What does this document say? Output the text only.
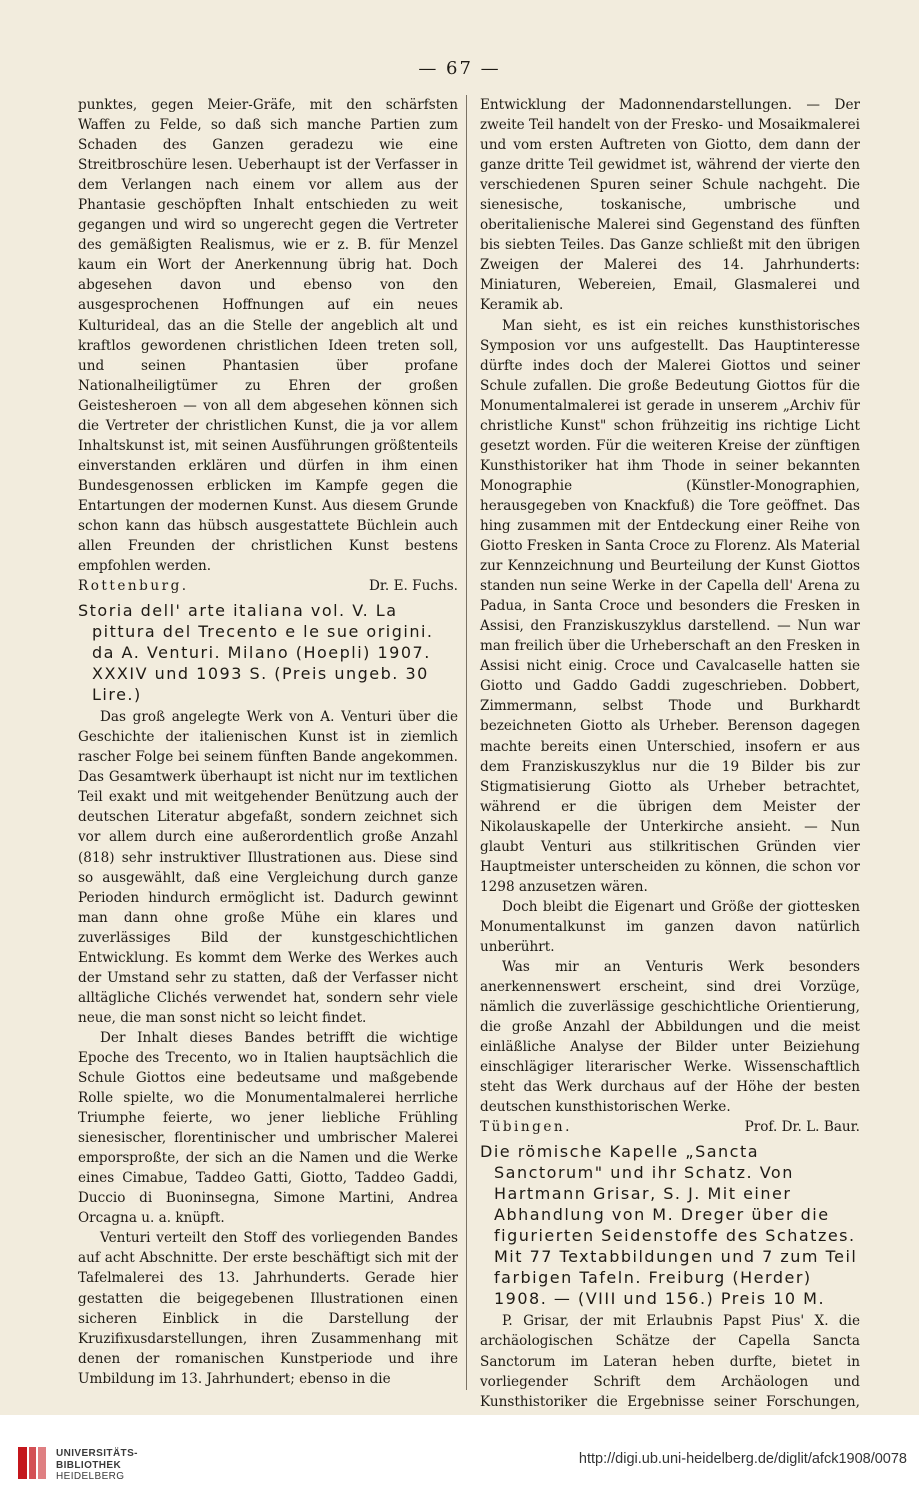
— 67 —

punktes, gegen Meier-Gräfe, mit den schärfsten Waffen zu Felde, so daß sich manche Partien zum Schaden des Ganzen geradezu wie eine Streitbroschüre lesen. Ueberhaupt ist der Verfasser in dem Verlangen nach einem vor allem aus der Phantasie geschöpften Inhalt entschieden zu weit gegangen und wird so ungerecht gegen die Vertreter des gemäßigten Realismus, wie er z. B. für Menzel kaum ein Wort der Anerkennung übrig hat. Doch abgesehen davon und ebenso von den ausgesprochenen Hoffnungen auf ein neues Kulturideal, das an die Stelle der angeblich alt und kraftlos gewordenen christlichen Ideen treten soll, und seinen Phantasien über profane Nationalheiligtümer zu Ehren der großen Geistesheroen — von all dem abgesehen können sich die Vertreter der christlichen Kunst, die ja vor allem Inhaltskunst ist, mit seinen Ausführungen größtenteils einverstanden erklären und dürfen in ihm einen Bundesgenossen erblicken im Kampfe gegen die Entartungen der modernen Kunst. Aus diesem Grunde schon kann das hübsch ausgestattete Büchlein auch allen Freunden der christlichen Kunst bestens empfohlen werden.

Rottenburg.	Dr. E. Fuchs.
Storia dell' arte italiana vol. V. La pittura del Trecento e le sue origini. da A. Venturi. Milano (Hoepli) 1907. XXXIV und 1093 S. (Preis ungeb. 30 Lire.)

Das groß angelegte Werk von A. Venturi über die Geschichte der italienischen Kunst ist in ziemlich rascher Folge bei seinem fünften Bande angekommen. Das Gesamtwerk überhaupt ist nicht nur im textlichen Teil exakt und mit weitgehender Benützung auch der deutschen Literatur abgefaßt, sondern zeichnet sich vor allem durch eine außerordentlich große Anzahl (818) sehr instruktiver Illustrationen aus. Diese sind so ausgewählt, daß eine Vergleichung durch ganze Perioden hindurch ermöglicht ist. Dadurch gewinnt man dann ohne große Mühe ein klares und zuverlässiges Bild der kunstgeschichtlichen Entwicklung. Es kommt dem Werke des Werkes auch der Umstand sehr zu statten, daß der Verfasser nicht alltägliche Clichés verwendet hat, sondern sehr viele neue, die man sonst nicht so leicht findet.

Der Inhalt dieses Bandes betrifft die wichtige Epoche des Trecento, wo in Italien hauptsächlich die Schule Giottos eine bedeutsame und maßgebende Rolle spielte, wo die Monumentalmalerei herrliche Triumphe feierte, wo jener liebliche Frühling sienesischer, florentinischer und umbrischer Malerei emporsproßte, der sich an die Namen und die Werke eines Cimabue, Taddeo Gatti, Giotto, Taddeo Gaddi, Duccio di Buoninsegna, Simone Martini, Andrea Orcagna u. a. knüpft.

Venturi verteilt den Stoff des vorliegenden Bandes auf acht Abschnitte. Der erste beschäftigt sich mit der Tafelmalerei des 13. Jahrhunderts. Gerade hier gestatten die beigegebenen Illustrationen einen sicheren Einblick in die Darstellung der Kruzifixusdarstellungen, ihren Zusammenhang mit denen der romanischen Kunstperiode und ihre Umbildung im 13. Jahrhundert; ebenso in die

Entwicklung der Madonnendarstellungen. — Der zweite Teil handelt von der Fresko- und Mosaikmalerei und vom ersten Auftreten von Giotto, dem dann der ganze dritte Teil gewidmet ist, während der vierte den verschiedenen Spuren seiner Schule nachgeht. Die sienesische, toskanische, umbrische und oberitalienische Malerei sind Gegenstand des fünften bis siebten Teiles. Das Ganze schließt mit den übrigen Zweigen der Malerei des 14. Jahrhunderts: Miniaturen, Webereien, Email, Glasmalerei und Keramik ab.

Man sieht, es ist ein reiches kunsthistorisches Symposion vor uns aufgestellt. Das Hauptinteresse dürfte indes doch der Malerei Giottos und seiner Schule zufallen. Die große Bedeutung Giottos für die Monumentalmalerei ist gerade in unserem „Archiv für christliche Kunst" schon frühzeitig ins richtige Licht gesetzt worden. Für die weiteren Kreise der zünftigen Kunsthistoriker hat ihm Thode in seiner bekannten Monographie (Künstler-Monographien, herausgegeben von Knackfuß) die Tore geöffnet. Das hing zusammen mit der Entdeckung einer Reihe von Giotto Fresken in Santa Croce zu Florenz. Als Material zur Kennzeichnung und Beurteilung der Kunst Giottos standen nun seine Werke in der Capella dell' Arena zu Padua, in Santa Croce und besonders die Fresken in Assisi, den Franziskuszyklus darstellend. — Nun war man freilich über die Urheberschaft an den Fresken in Assisi nicht einig. Croce und Cavalcaselle hatten sie Giotto und Gaddo Gaddi zugeschrieben. Dobbert, Zimmermann, selbst Thode und Burkhardt bezeichneten Giotto als Urheber. Berenson dagegen machte bereits einen Unterschied, insofern er aus dem Franziskuszyklus nur die 19 Bilder bis zur Stigmatisierung Giotto als Urheber betrachtet, während er die übrigen dem Meister der Nikolauskapelle der Unterkirche ansieht. — Nun glaubt Venturi aus stilkritischen Gründen vier Hauptmeister unterscheiden zu können, die schon vor 1298 anzusetzen wären.

Doch bleibt die Eigenart und Größe der giottesken Monumentalkunst im ganzen davon natürlich unberührt.

Was mir an Venturis Werk besonders anerkennenswert erscheint, sind drei Vorzüge, nämlich die zuverlässige geschichtliche Orientierung, die große Anzahl der Abbildungen und die meist einläßliche Analyse der Bilder unter Beiziehung einschlägiger literarischer Werke. Wissenschaftlich steht das Werk durchaus auf der Höhe der besten deutschen kunsthistorischen Werke.

Tübingen.	Prof. Dr. L. Baur.
Die römische Kapelle „Sancta Sanctorum" und ihr Schatz. Von Hartmann Grisar, S. J. Mit einer Abhandlung von M. Dreger über die figurierten Seidenstoffe des Schatzes. Mit 77 Textabbildungen und 7 zum Teil farbigen Tafeln. Freiburg (Herder) 1908. — (VIII und 156.) Preis 10 M.

P. Grisar, der mit Erlaubnis Papst Pius' X. die archäologischen Schätze der Capella Sancta Sanctorum im Lateran heben durfte, bietet in vorliegender Schrift dem Archäologen und Kunsthistoriker die Ergebnisse seiner Forschungen,

UNIVERSITÄTS-
BIBLIOTHEK
HEIDELBERG
http://digi.ub.uni-heidelberg.de/diglit/afck1908/0078
